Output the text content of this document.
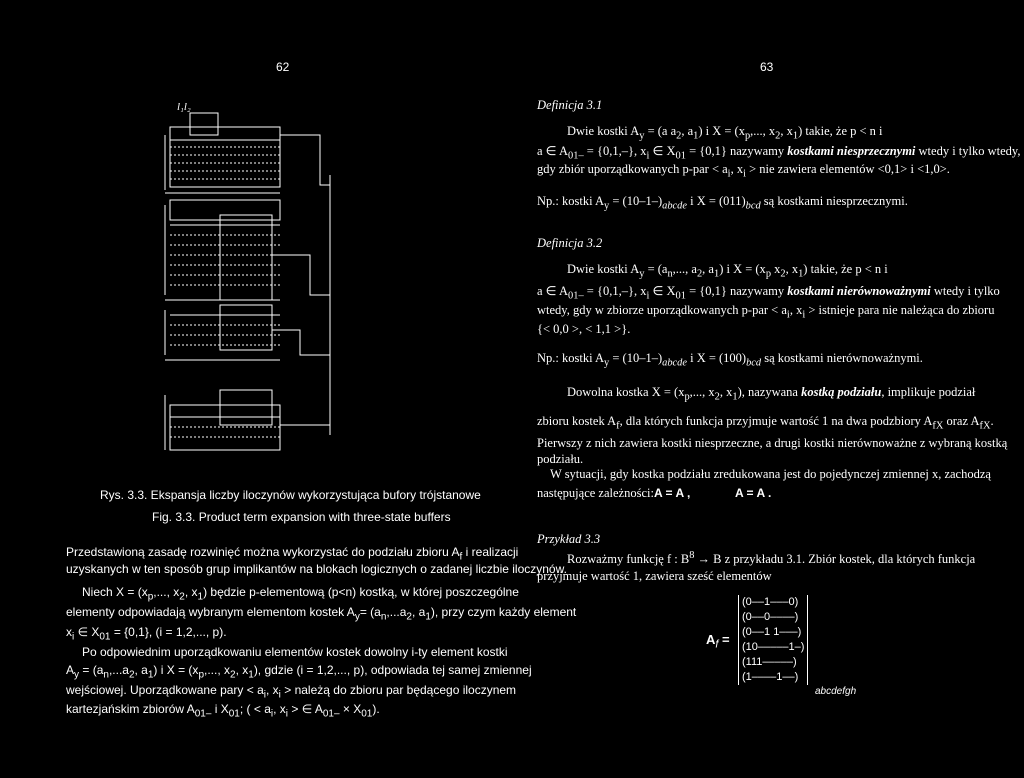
62
l₁l₂
Rys. 3.3. Ekspansja liczby iloczynów wykorzystująca bufory trójstanowe
Fig. 3.3. Product term expansion with three-state buffers
Przedstawioną zasadę rozwinięć można wykorzystać do podziału zbioru $A_f$ i realizacji
uzyskanych w ten sposób grup implikantów na blokach logicznych o zadanej liczbie iloczynów.
Niech $X = (x_p$,..., $x_2$, $x_1$) będzie p-elementową (p<n) kostką, w której poszczególne
elementy odpowiadają wybranym elementom kostek $A_y= (a_n,...a_2$, $a_1$), przy czym każdy element
$x_i$ ∈ $X_{01} = \{0,1\}$, (i = 1,2,..., p).
Po odpowiednim uporządkowaniu elementów kostek dowolny i-ty element kostki
$A_y = (a_n,...a_2$, $a_1$) i $X = (x_p$,..., $x_2$, $x_1$), gdzie (i = 1,2,..., p), odpowiada tej samej zmiennej
wejściowej. Uporządkowane pary < $a_i$, $x_i$ > należą do zbioru par będącego iloczynem
kartezjańskim zbiorów $A_{01-}$ i $X_{01}$; ( < $a_i$, $x_i$ > ∈ $A_{01-} \times X_{01}$).
63
Definicja 3.1
Dwie kostki $A_y = (a$ $a_2$, $a_1$) i $X = (x_p$,..., $x_2$, $x_1$) takie, że p < n i
a ∈ $A_{01-} = \{0,1,-\}$, $x_i$ ∈ $X_{01} = \{0,1\}$ nazywamy kostkami niesprzecznymi wtedy i tylko wtedy,
gdy zbiór uporządkowanych $p-par < a_i$, $x_i$ > nie zawiera elementów <0,1> i <1,0>.
Np.: kostki $A_y = (10-1-)_{abcde}$ i $X = (011)_{bcd}$ są kostkami niesprzecznymi.
Definicja 3.2
Dwie kostki $A_y = (a_n$,..., $a_2$, $a_1$) i $X = (x_p$ $x_2$, $x_1$) takie, że p < n i
a ∈ $A_{01-} = \{0,1,-\}$, $x_i$ ∈ $X_{01} = \{0,1\}$ nazywamy kostkami nierównoważnymi wtedy i tylko
wtedy, gdy w zbiorze uporządkowanych $p-par < a_i$, $x_i$ > istnieje para nie należąca do zbioru
{< 0,0 >, < 1,1 >}.
Np.: kostki $A_y = (10-1-)_{abcde}$ i $X = (100)_{bcd}$ są kostkami nierównoważnymi.
Dowolna kostka $X = (x_p$,..., $x_2$, $x_1$), nazywana kostką podziału, implikuje podział
zbioru kostek $A_f$, dla których funkcja przyjmuje wartość 1 na dwa podzbiory $A_{fX}$ oraz $A_{fX}$.
Pierwszy z nich zawiera kostki niesprzeczne, a drugi kostki nierównoważne z wybraną kostką
podziału.
W sytuacji, gdy kostka podziału zredukowana jest do pojedynczej zmiennej x, zachodzą
następujące zależności: A = A ,	A = A .
Przykład 3.3
Rozważmy funkcję f : $B^8 \to B$ z przykładu 3.1. Zbiór kostek, dla których funkcja
przyjmuje wartość 1, zawiera sześć elementów
$A_f$ =
(0––1–––0)
(0––0––––)
(0––1 1–––)
(10–––––1–)
(111–––––)
(1––––1––)
abcdefgh
